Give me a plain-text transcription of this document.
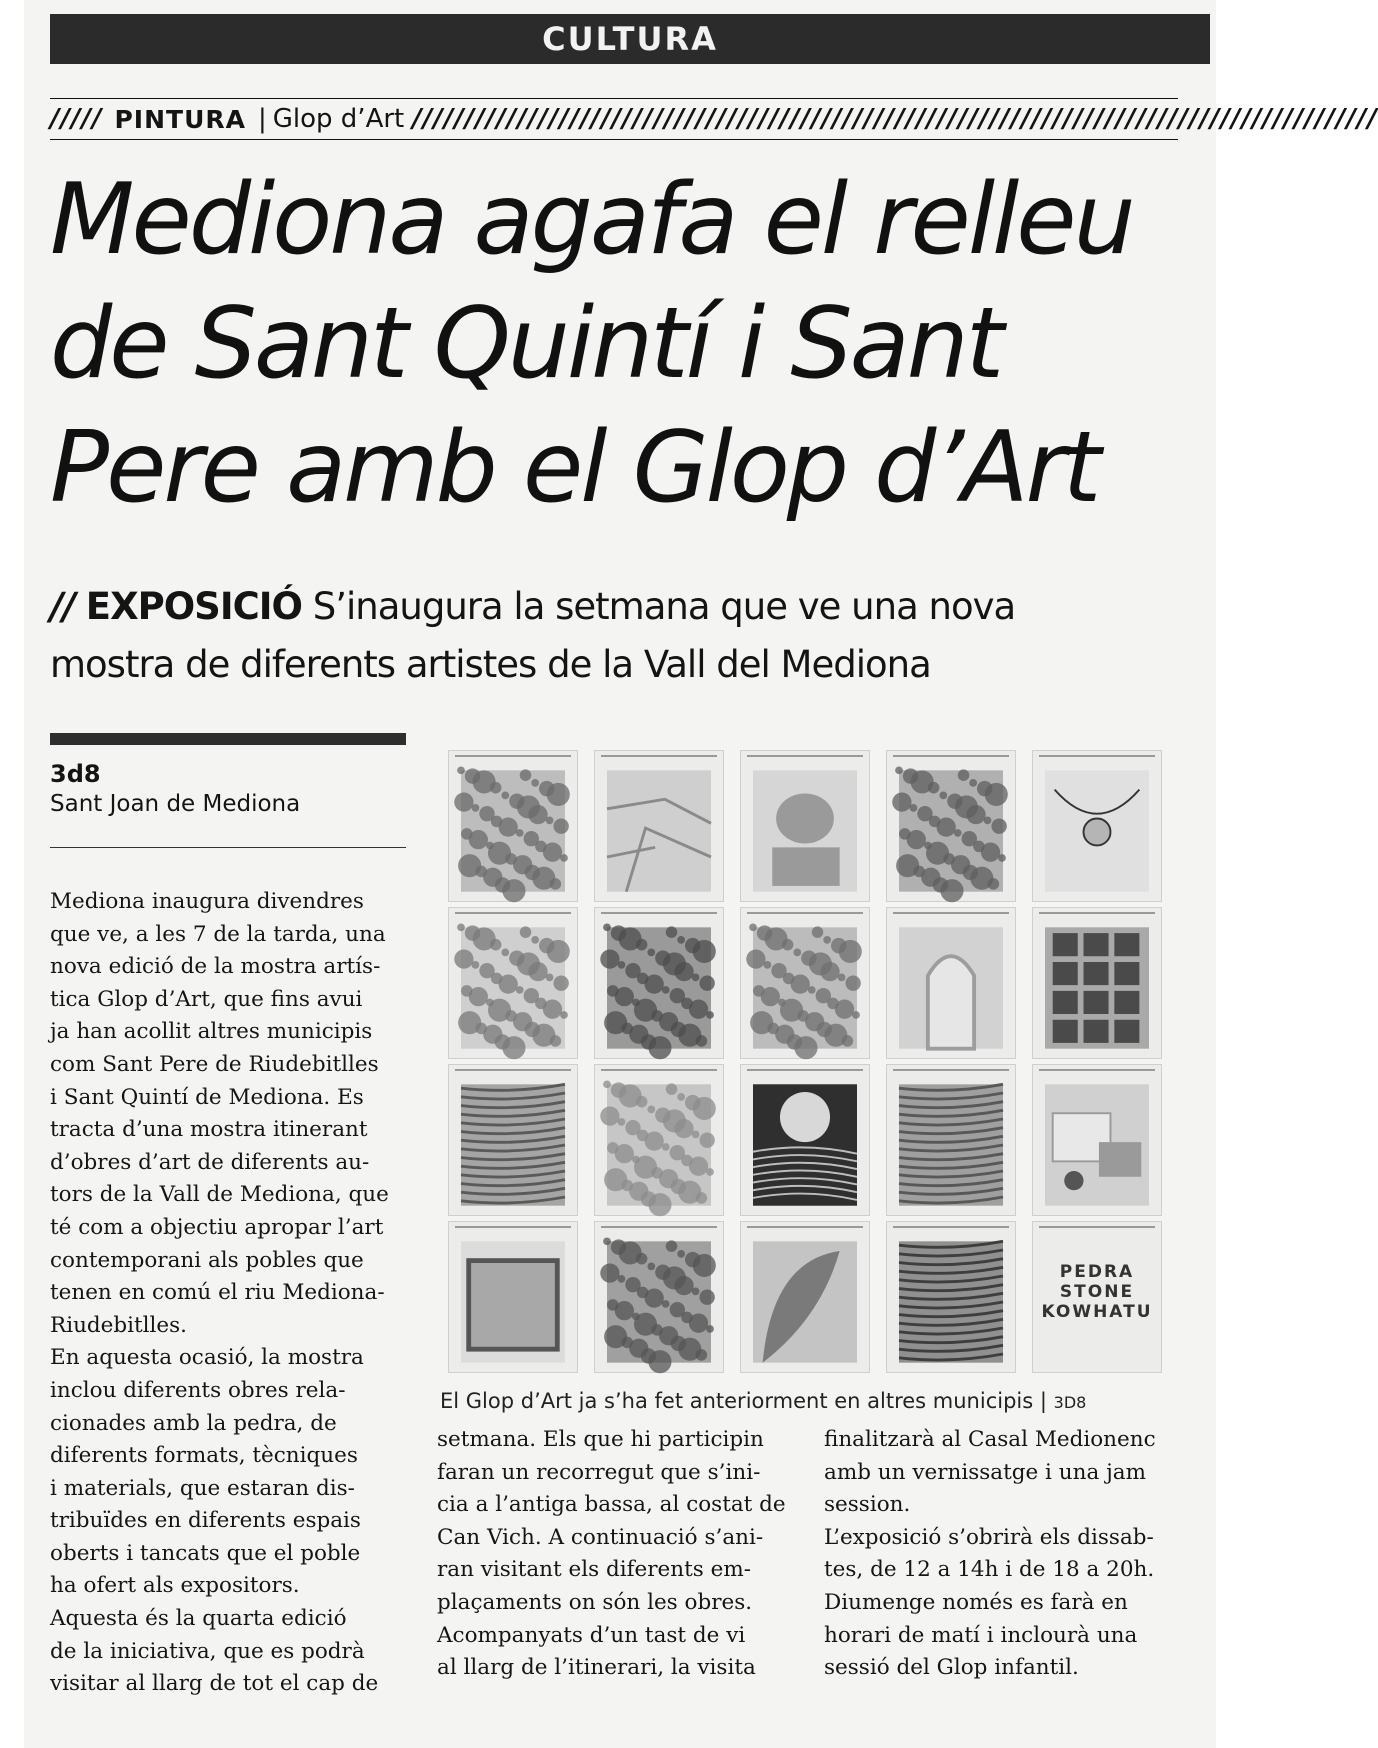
CULTURA
///// PINTURA | Glop d’Art ////////////////////////////////////////////////////////////////////////////////////////////
Mediona agafa el relleu
de Sant Quintí i Sant
Pere amb el Glop d’Art
// EXPOSICIÓ S’inaugura la setmana que ve una nova
mostra de diferents artistes de la Vall del Mediona
3d8
Sant Joan de Mediona
Mediona inaugura divendres
que ve, a les 7 de la tarda, una
nova edició de la mostra artís-
tica Glop d’Art, que fins avui
ja han acollit altres municipis
com Sant Pere de Riudebitlles
i Sant Quintí de Mediona. Es
tracta d’una mostra itinerant
d’obres d’art de diferents au-
tors de la Vall de Mediona, que
té com a objectiu apropar l’art
contemporani als pobles que
tenen en comú el riu Mediona-
Riudebitlles.
En aquesta ocasió, la mostra
inclou diferents obres rela-
cionades amb la pedra, de
diferents formats, tècniques
i materials, que estaran dis-
tribuïdes en diferents espais
oberts i tancats que el poble
ha ofert als expositors.
Aquesta és la quarta edició
de la iniciativa, que es podrà
visitar al llarg de tot el cap de
setmana. Els que hi participin
faran un recorregut que s’ini-
cia a l’antiga bassa, al costat de
Can Vich. A continuació s’ani-
ran visitant els diferents em-
plaçaments on són les obres.
Acompanyats d’un tast de vi
al llarg de l’itinerari, la visita
finalitzarà al Casal Medionenc
amb un vernissatge i una jam
session.
L’exposició s’obrirà els dissab-
tes, de 12 a 14h i de 18 a 20h.
Diumenge només es farà en
horari de matí i inclourà una
sessió del Glop infantil.
PEDRA
STONE
KOWHATU
El Glop d’Art ja s’ha fet anteriorment en altres municipis | 3D8
